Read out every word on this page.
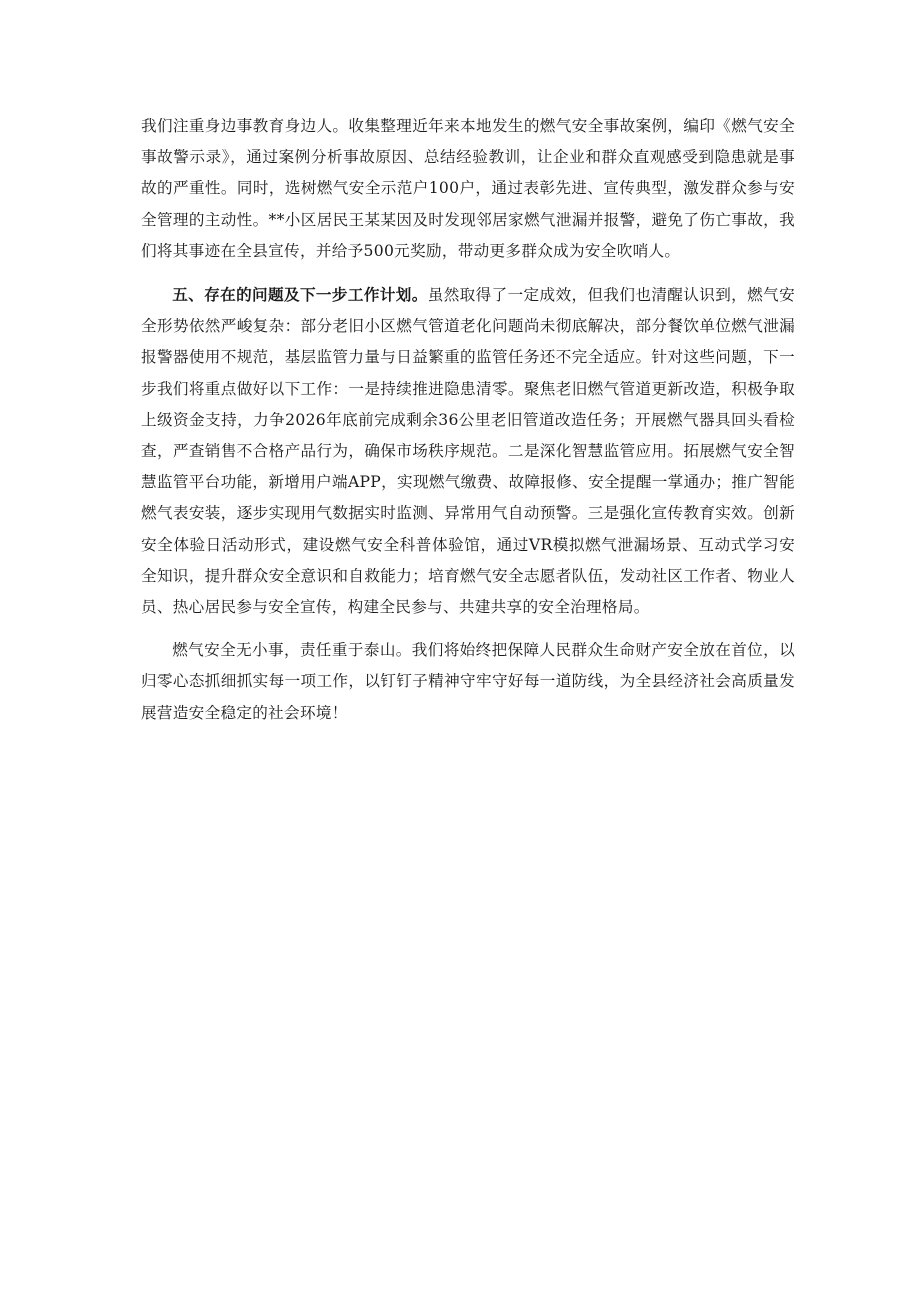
我们注重身边事教育身边人。收集整理近年来本地发生的燃气安全事故案例，编印《燃气安全事故警示录》，通过案例分析事故原因、总结经验教训，让企业和群众直观感受到隐患就是事故的严重性。同时，选树燃气安全示范户100户，通过表彰先进、宣传典型，激发群众参与安全管理的主动性。**小区居民王某某因及时发现邻居家燃气泄漏并报警，避免了伤亡事故，我们将其事迹在全县宣传，并给予500元奖励，带动更多群众成为安全吹哨人。

五、存在的问题及下一步工作计划。虽然取得了一定成效，但我们也清醒认识到，燃气安全形势依然严峻复杂：部分老旧小区燃气管道老化问题尚未彻底解决，部分餐饮单位燃气泄漏报警器使用不规范，基层监管力量与日益繁重的监管任务还不完全适应。针对这些问题，下一步我们将重点做好以下工作：一是持续推进隐患清零。聚焦老旧燃气管道更新改造，积极争取上级资金支持，力争2026年底前完成剩余36公里老旧管道改造任务；开展燃气器具回头看检查，严查销售不合格产品行为，确保市场秩序规范。二是深化智慧监管应用。拓展燃气安全智慧监管平台功能，新增用户端APP，实现燃气缴费、故障报修、安全提醒一掌通办；推广智能燃气表安装，逐步实现用气数据实时监测、异常用气自动预警。三是强化宣传教育实效。创新安全体验日活动形式，建设燃气安全科普体验馆，通过VR模拟燃气泄漏场景、互动式学习安全知识，提升群众安全意识和自救能力；培育燃气安全志愿者队伍，发动社区工作者、物业人员、热心居民参与安全宣传，构建全民参与、共建共享的安全治理格局。

燃气安全无小事，责任重于泰山。我们将始终把保障人民群众生命财产安全放在首位，以归零心态抓细抓实每一项工作，以钉钉子精神守牢守好每一道防线，为全县经济社会高质量发展营造安全稳定的社会环境！
